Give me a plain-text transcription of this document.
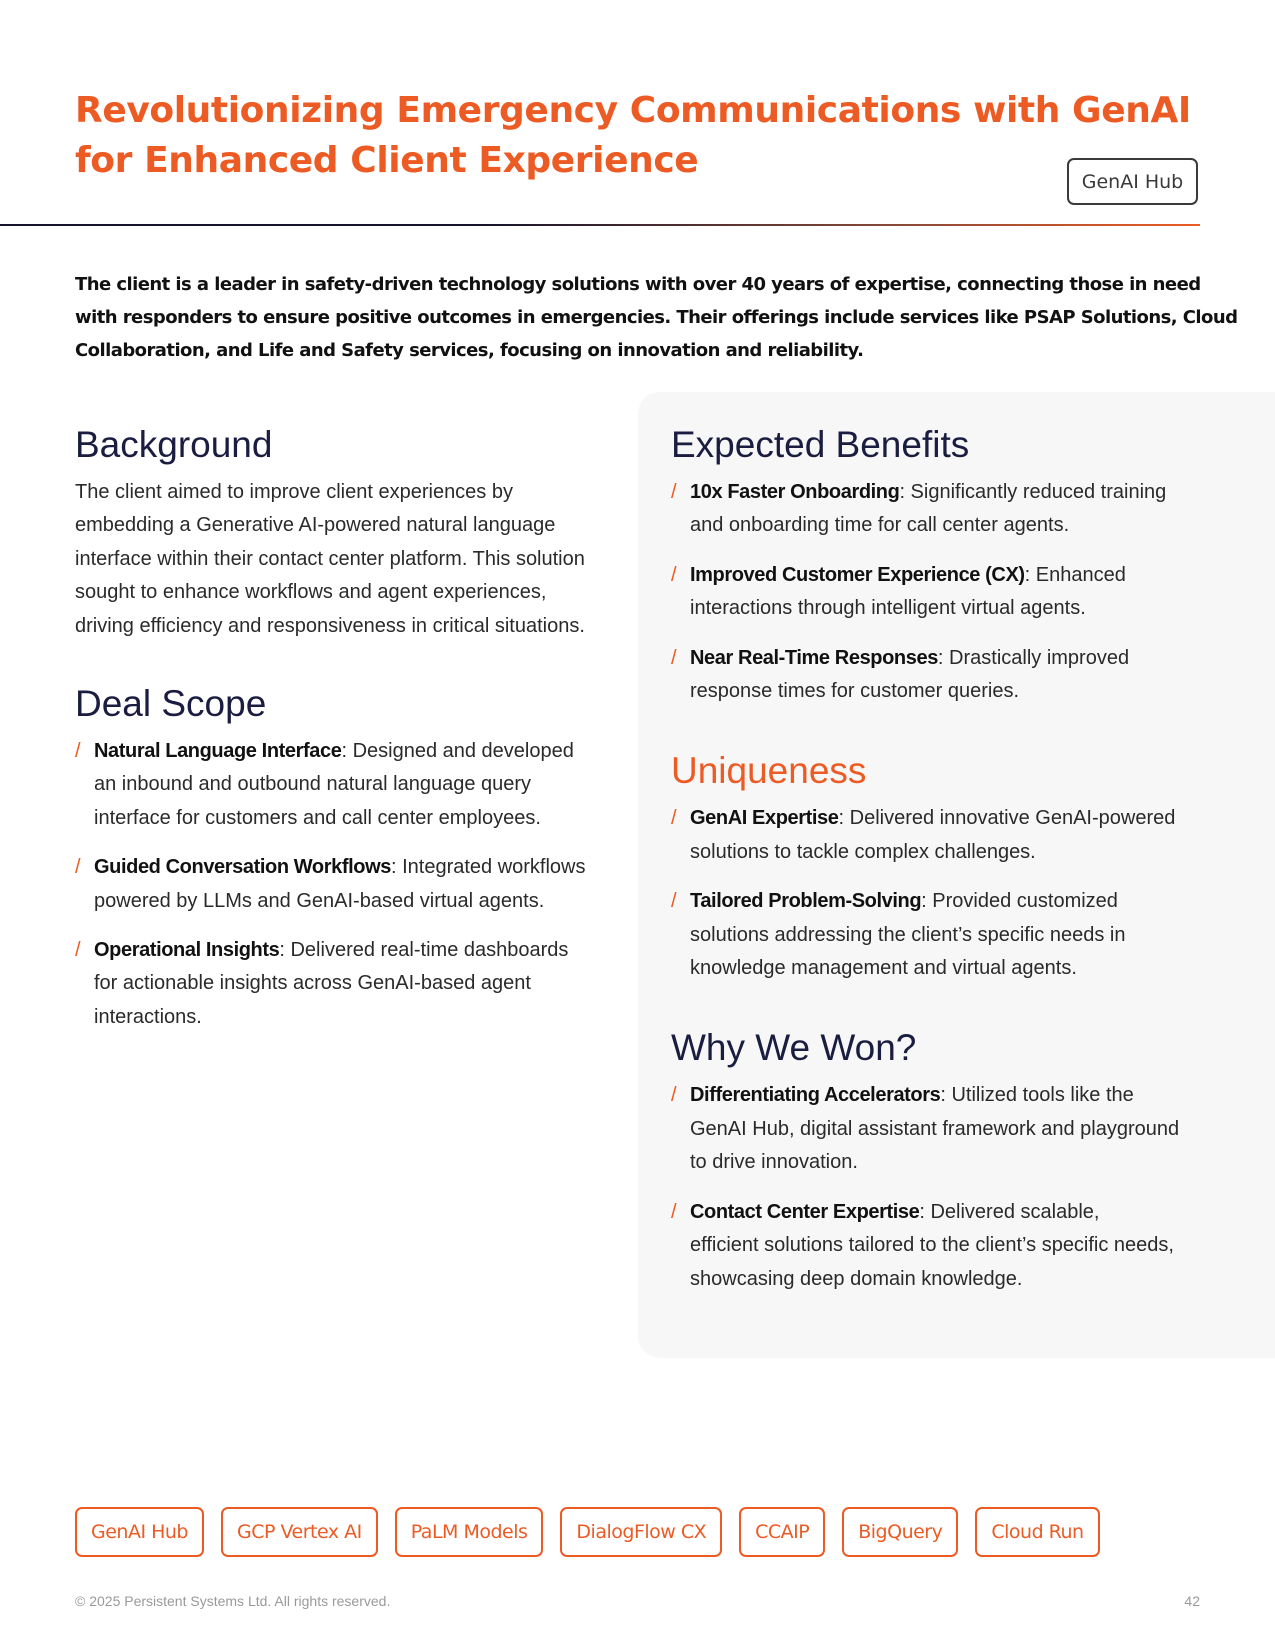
Revolutionizing Emergency Communications with GenAI
for Enhanced Client Experience
GenAI Hub

The client is a leader in safety-driven technology solutions with over 40 years of expertise, connecting those in need
with responders to ensure positive outcomes in emergencies. Their offerings include services like PSAP Solutions, Cloud
Collaboration, and Life and Safety services, focusing on innovation and reliability.

Background

The client aimed to improve client experiences by
embedding a Generative AI-powered natural language
interface within their contact center platform. This solution
sought to enhance workflows and agent experiences,
driving efficiency and responsiveness in critical situations.

Deal Scope
/ Natural Language Interface: Designed and developed
an inbound and outbound natural language query
interface for customers and call center employees.
/ Guided Conversation Workflows: Integrated workflows
powered by LLMs and GenAI-based virtual agents.
/ Operational Insights: Delivered real-time dashboards
for actionable insights across GenAI-based agent
interactions.
Expected Benefits
/ 10x Faster Onboarding: Significantly reduced training
and onboarding time for call center agents.
/ Improved Customer Experience (CX): Enhanced
interactions through intelligent virtual agents.
/ Near Real-Time Responses: Drastically improved
response times for customer queries.
Uniqueness
/ GenAI Expertise: Delivered innovative GenAI-powered
solutions to tackle complex challenges.
/ Tailored Problem-Solving: Provided customized
solutions addressing the client’s specific needs in
knowledge management and virtual agents.
Why We Won?
/ Differentiating Accelerators: Utilized tools like the
GenAI Hub, digital assistant framework and playground
to drive innovation.
/ Contact Center Expertise: Delivered scalable,
efficient solutions tailored to the client’s specific needs,
showcasing deep domain knowledge.
GenAI Hub	GCP Vertex AI	PaLM Models	DialogFlow CX	CCAIP	BigQuery	Cloud Run
© 2025 Persistent Systems Ltd. All rights reserved.	42
